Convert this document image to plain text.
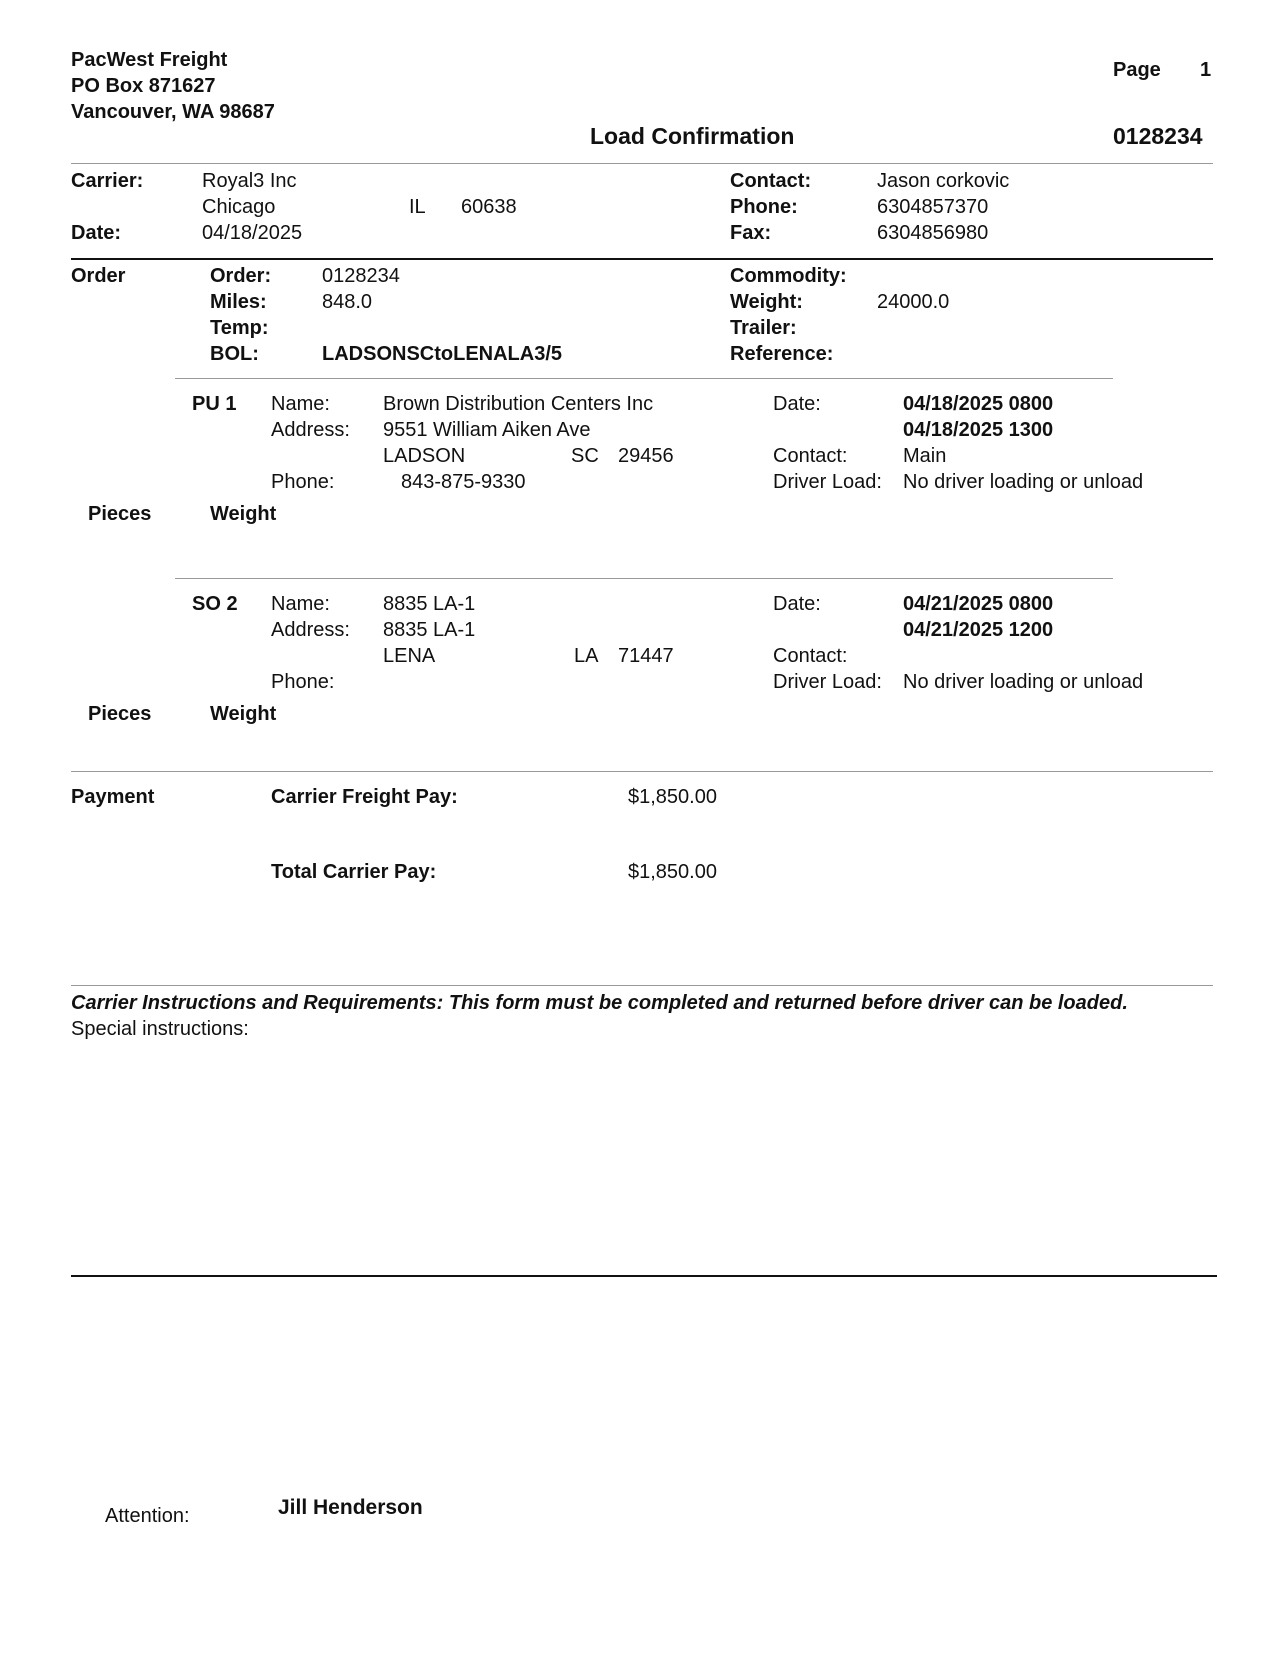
PacWest Freight
PO Box 871627
Vancouver, WA 98687
Page 1
Load Confirmation	0128234
Carrier:	Royal3 Inc
Chicago	IL 60638
Date:	04/18/2025
Contact:	Jason corkovic
Phone:	6304857370
Fax:	6304856980
Order	Order:	0128234
Miles:	848.0
Temp:
BOL:	LADSONSCtoLENALA3/5
Commodity:
Weight:	24000.0
Trailer:
Reference:
PU 1 Name:	Brown Distribution Centers Inc
Address: 9551 William Aiken Ave
LADSON	SC 29456
Phone:	843-875-9330
Date:	04/18/2025 0800
04/18/2025 1300
Contact:	Main
Driver Load: No driver loading or unload
Pieces	Weight
SO 2 Name:	8835 LA-1
Address: 8835 LA-1
LENA	LA 71447
Phone:
Date:	04/21/2025 0800
04/21/2025 1200
Contact:
Driver Load: No driver loading or unload
Pieces	Weight
Payment	Carrier Freight Pay:	$1,850.00
Total Carrier Pay:	$1,850.00
Carrier Instructions and Requirements: This form must be completed and returned before driver can be loaded.
Special instructions:
Attention:	Jill Henderson
